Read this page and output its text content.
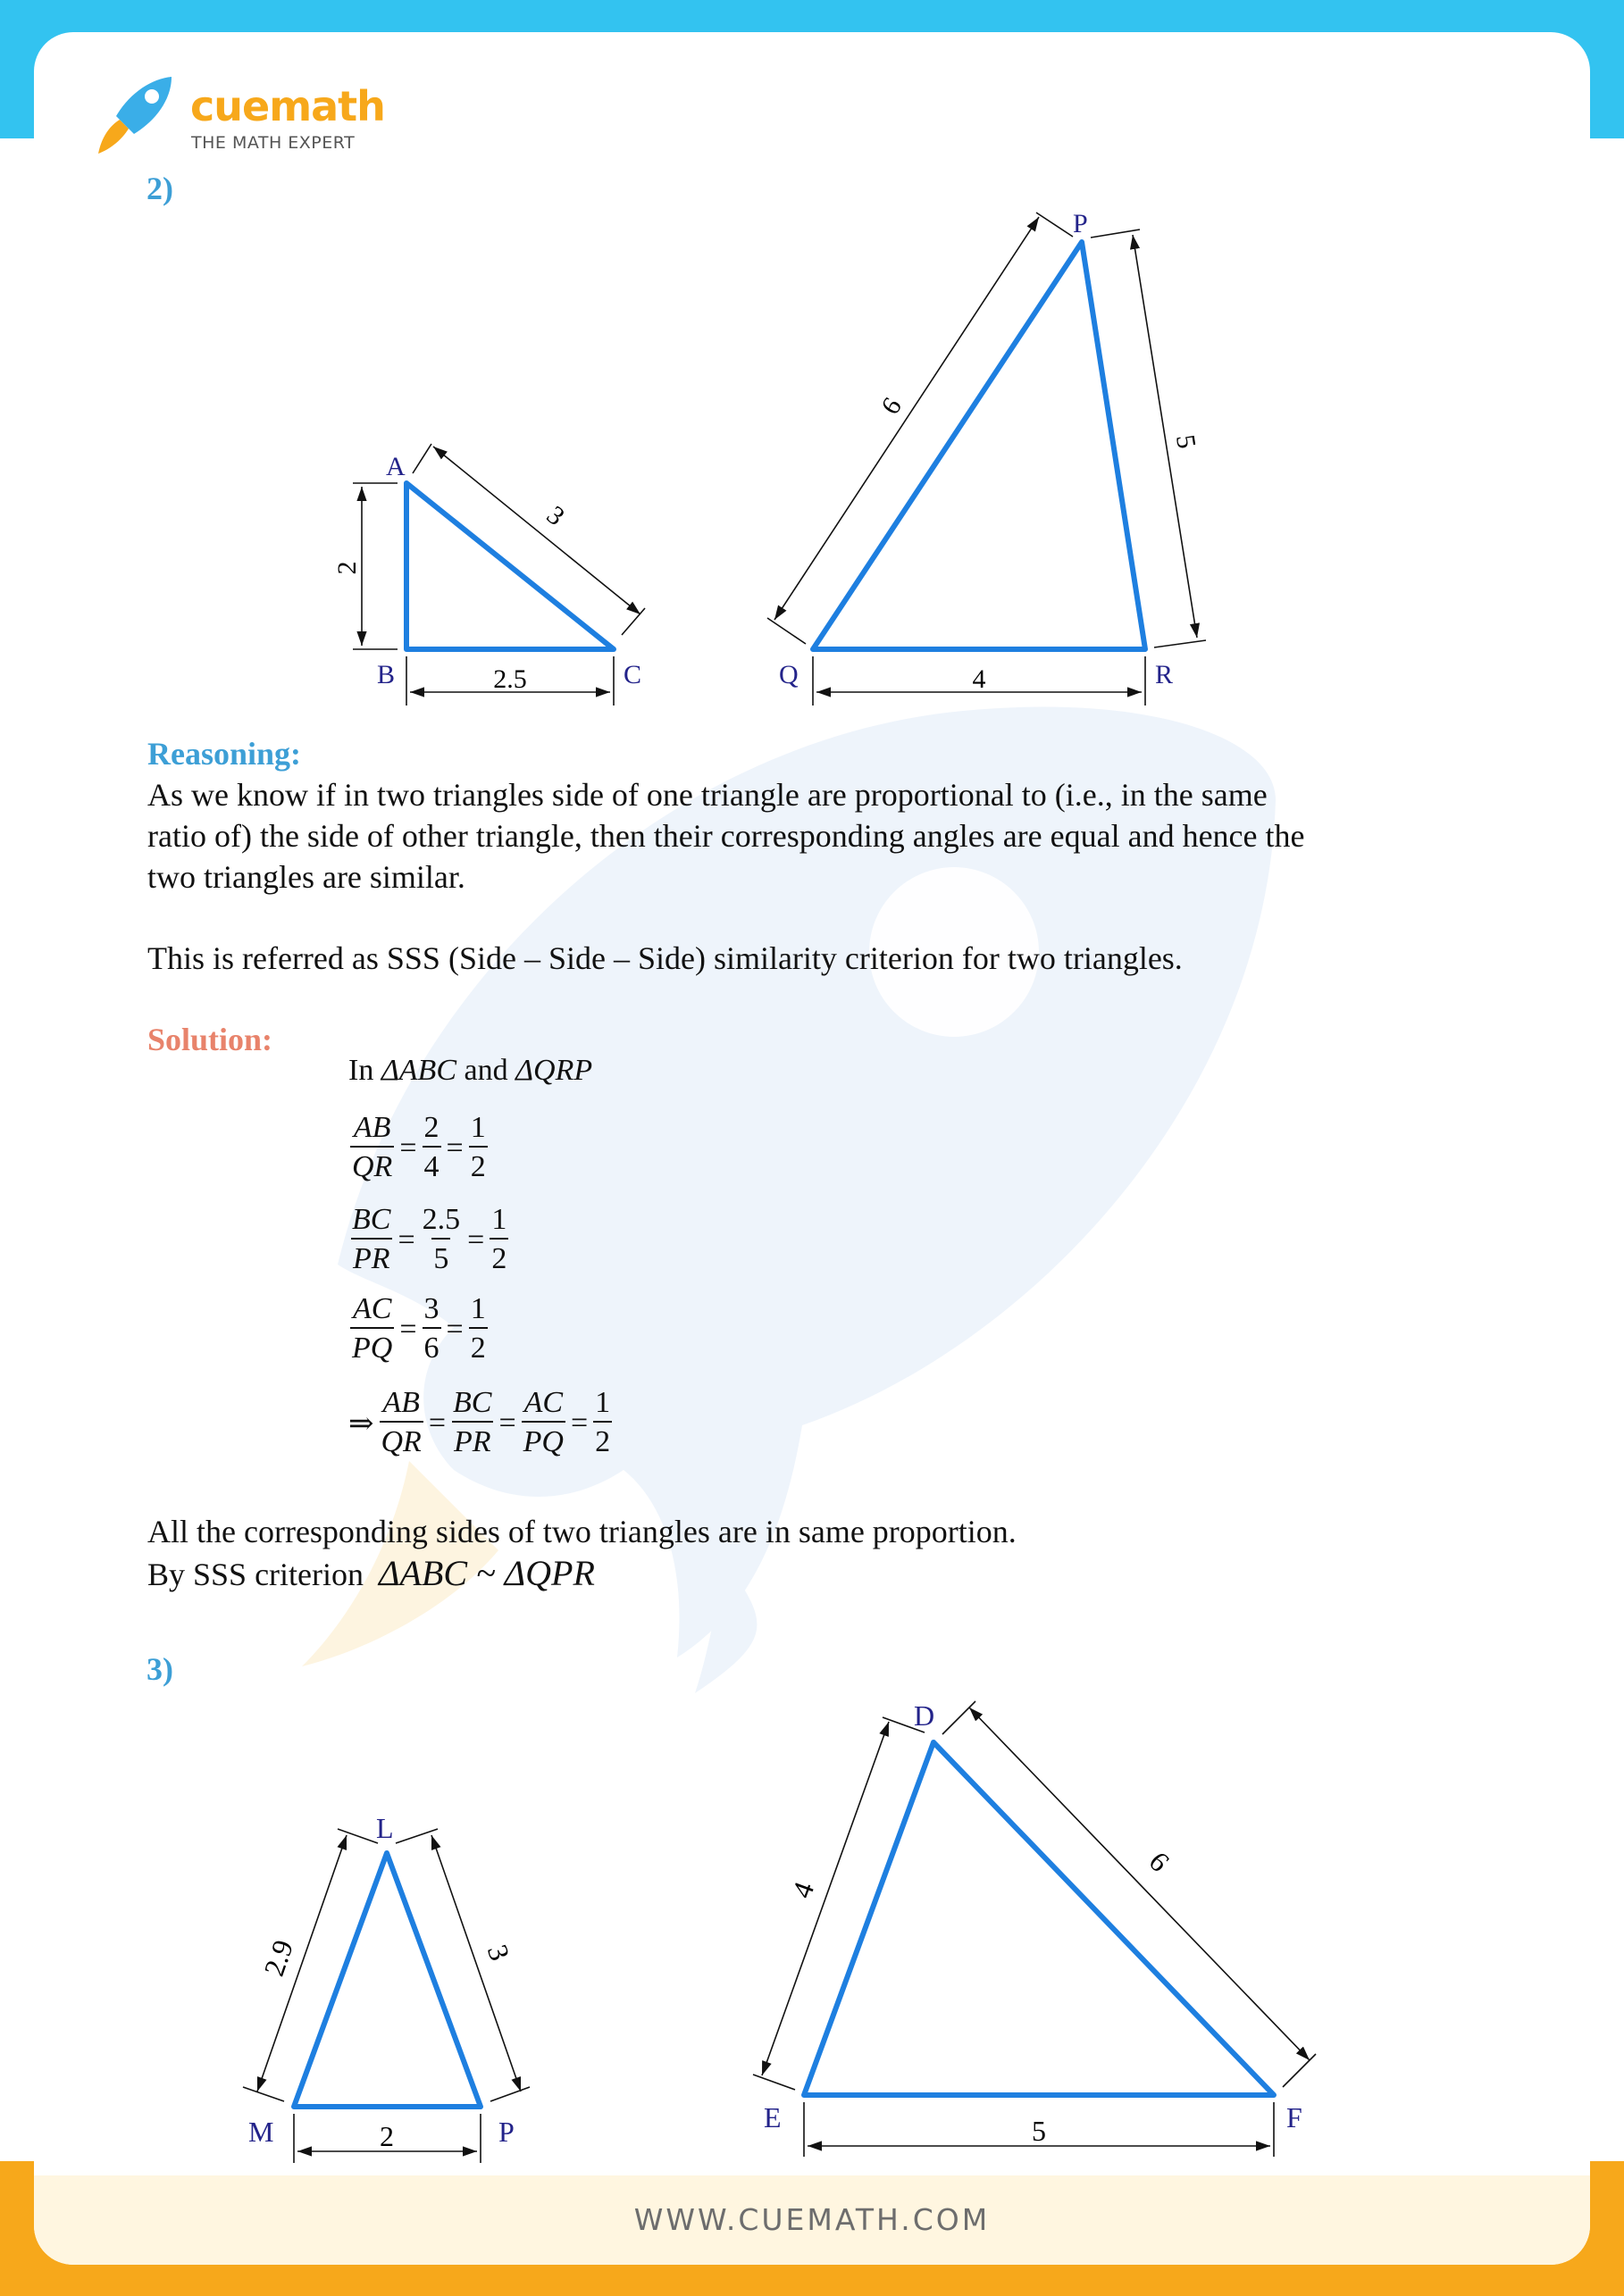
WWW.CUEMATH.COM
cuemath
THE MATH EXPERT
2)
A
B	C
2
2.5
3
P
Q	R
6
5
4
Reasoning:
As we know if in two triangles side of one triangle are proportional to (i.e., in the same
ratio of) the side of other triangle, then their corresponding angles are equal and hence the
two triangles are similar.
This is referred as SSS (Side – Side – Side) similarity criterion for two triangles.
Solution:
In ΔABC and ΔQRP
$\frac{AB}{QR} = \frac{2}{4} = \frac{1}{2}$
$\frac{BC}{PR} = \frac{2.5}{5} = \frac{1}{2}$
$\frac{AC}{PQ} = \frac{3}{6} = \frac{1}{2}$
⇒ $\frac{AB}{QR} = \frac{BC}{PR} = \frac{AC}{PQ} = \frac{1}{2}$
All the corresponding sides of two triangles are in same proportion.
By SSS criterion ΔABC ~ ΔQPR
3)
L
M	P
2.9	3
2
D
E	F
4
6
5
